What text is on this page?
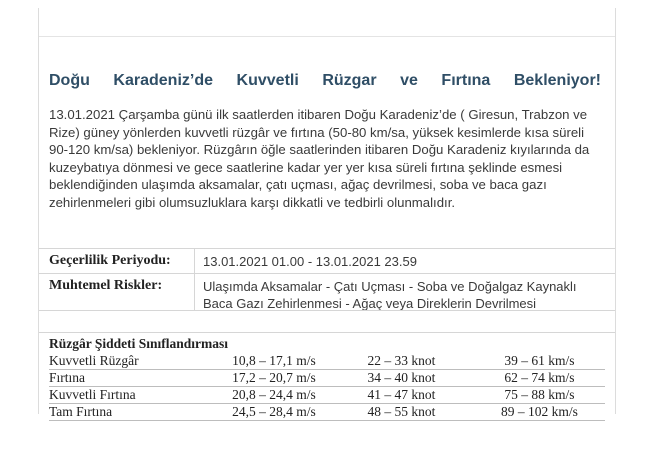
Doğu Karadeniz’de Kuvvetli Rüzgar ve Fırtına Bekleniyor!
13.01.2021 Çarşamba günü ilk saatlerden itibaren Doğu Karadeniz’de ( Giresun, Trabzon ve Rize) güney yönlerden kuvvetli rüzgâr ve fırtına (50-80 km/sa, yüksek kesimlerde kısa süreli 90-120 km/sa) bekleniyor. Rüzgârın öğle saatlerinden itibaren Doğu Karadeniz kıyılarında da kuzeybatıya dönmesi ve gece saatlerine kadar yer yer kısa süreli fırtına şeklinde esmesi beklendiğinden ulaşımda aksamalar, çatı uçması, ağaç devrilmesi, soba ve baca gazı zehirlenmeleri gibi olumsuzluklara karşı dikkatli ve tedbirli olunmalıdır.
Geçerlilik Periyodu: 13.01.2021 01.00 - 13.01.2021 23.59
Muhtemel Riskler:	Ulaşımda Aksamalar - Çatı Uçması - Soba ve Doğalgaz Kaynaklı Baca Gazı Zehirlenmesi - Ağaç veya Direklerin Devrilmesi
Rüzgâr Şiddeti Sınıflandırması
Kuvvetli Rüzgâr	10,8 – 17,1 m/s	22 – 33 knot	39 – 61 km/s
Fırtına	17,2 – 20,7 m/s	34 – 40 knot	62 – 74 km/s
Kuvvetli Fırtına	20,8 – 24,4 m/s	41 – 47 knot	75 – 88 km/s
Tam Fırtına	24,5 – 28,4 m/s	48 – 55 knot	89 – 102 km/s
